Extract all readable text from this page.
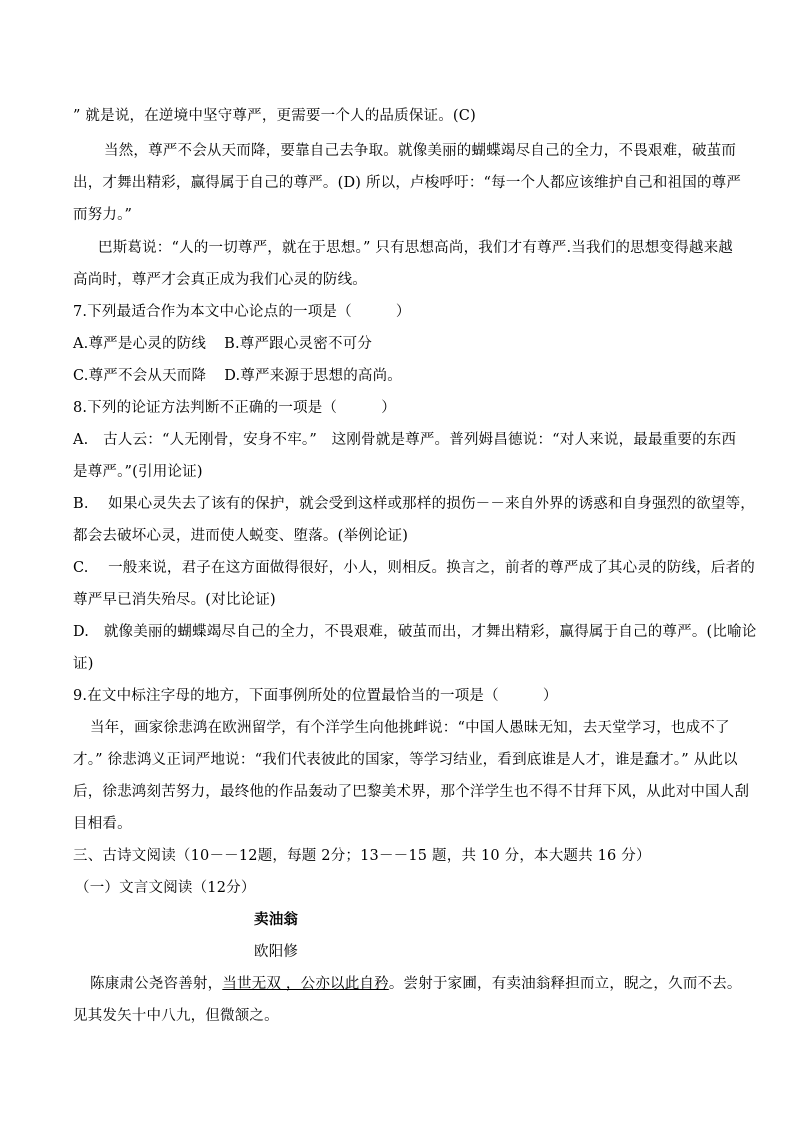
” 就是说，在逆境中坚守尊严，更需要一个人的品质保证。(C)
当然，尊严不会从天而降，要靠自己去争取。就像美丽的蝴蝶竭尽自己的全力，不畏艰难，破茧而
出，才舞出精彩，赢得属于自己的尊严。(D) 所以，卢梭呼吁：“每一个人都应该维护自己和祖国的尊严
而努力。”
巴斯葛说：“人的一切尊严，就在于思想。” 只有思想高尚，我们才有尊严.当我们的思想变得越来越
高尚时，尊严才会真正成为我们心灵的防线。
7.下列最适合作为本文中心论点的一项是（　　　）
A.尊严是心灵的防线 B.尊严跟心灵密不可分
C.尊严不会从天而降 D.尊严来源于思想的高尚。
8.下列的论证方法判断不正确的一项是（　　　）
A.　古人云：“人无刚骨，安身不牢。”　这刚骨就是尊严。普列姆昌德说：“对人来说，最最重要的东西
是尊严。”(引用论证)
B.　 如果心灵失去了该有的保护，就会受到这样或那样的损伤－－来自外界的诱惑和自身强烈的欲望等，
都会去破坏心灵，进而使人蜕变、堕落。(举例论证)
C.　 一般来说，君子在这方面做得很好，小人，则相反。换言之，前者的尊严成了其心灵的防线，后者的
尊严早已消失殆尽。(对比论证)
D.　就像美丽的蝴蝶竭尽自己的全力，不畏艰难，破茧而出，才舞出精彩，赢得属于自己的尊严。(比喻论
证)
9.在文中标注字母的地方，下面事例所处的位置最恰当的一项是（　　　）
当年，画家徐悲鸿在欧洲留学，有个洋学生向他挑衅说：“中国人愚昧无知，去天堂学习，也成不了
才。” 徐悲鸿义正词严地说：“我们代表彼此的国家，等学习结业，看到底谁是人才，谁是蠢才。” 从此以
后，徐悲鸿刻苦努力，最终他的作品轰动了巴黎美术界，那个洋学生也不得不甘拜下风，从此对中国人刮
目相看。
三、古诗文阅读（10－－12题，每题 2分；13－－15 题，共 10 分，本大题共 16 分）
（一）文言文阅读（12分）
卖油翁
欧阳修
陈康肃公尧咨善射，当世无双 ，公亦以此自矜。尝射于家圃，有卖油翁释担而立，睨之，久而不去。
见其发矢十中八九，但微颔之。
